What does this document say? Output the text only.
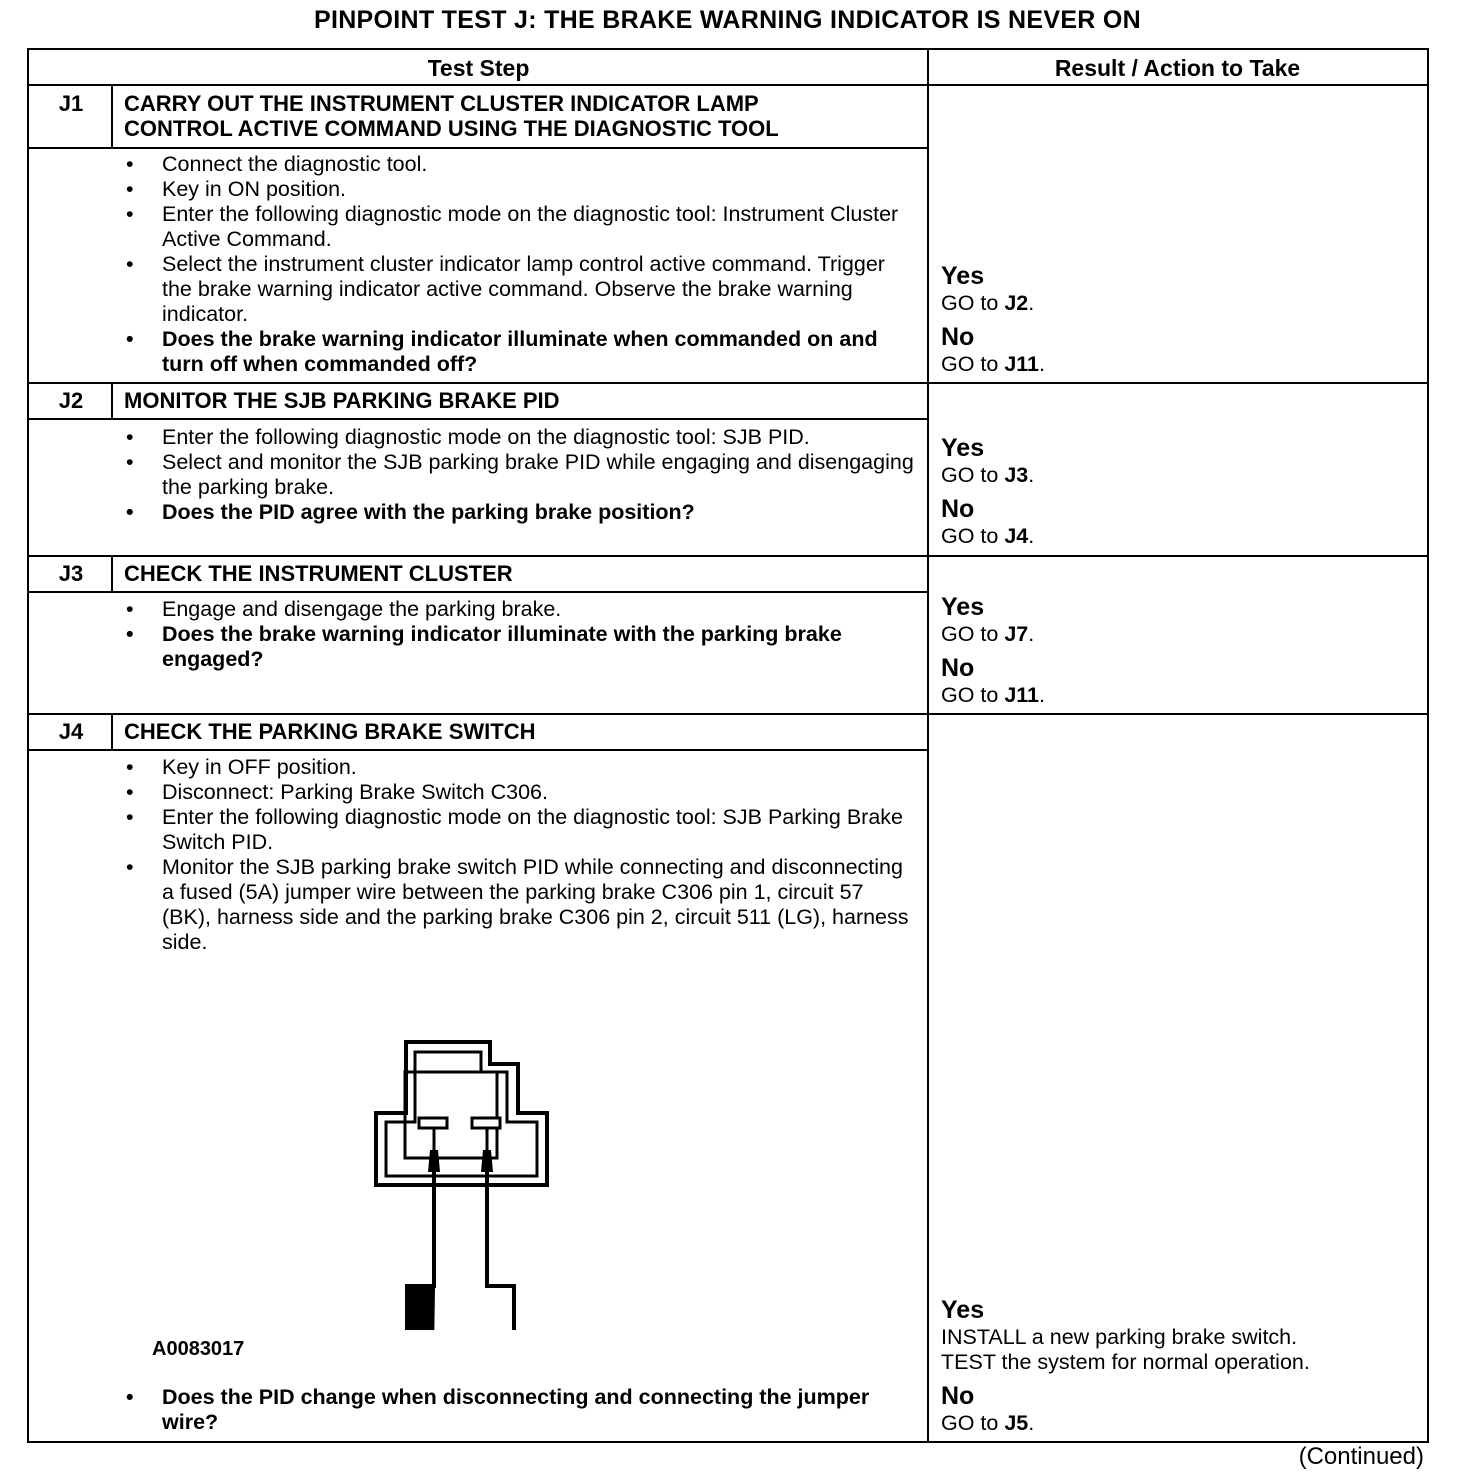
PINPOINT TEST J: THE BRAKE WARNING INDICATOR IS NEVER ON
Test Step	Result / Action to Take
J1	CARRY OUT THE INSTRUMENT CLUSTER INDICATOR LAMP
CONTROL ACTIVE COMMAND USING THE DIAGNOSTIC TOOL
• Connect the diagnostic tool.
• Key in ON position.
• Enter the following diagnostic mode on the diagnostic tool: Instrument Cluster Active Command.
• Select the instrument cluster indicator lamp control active command. Trigger the brake warning indicator active command. Observe the brake warning indicator.
• Does the brake warning indicator illuminate when commanded on and turn off when commanded off?
Yes
GO to J2.
No
GO to J11.
J2	MONITOR THE SJB PARKING BRAKE PID
• Enter the following diagnostic mode on the diagnostic tool: SJB PID.
• Select and monitor the SJB parking brake PID while engaging and disengaging the parking brake.
• Does the PID agree with the parking brake position?
Yes
GO to J3.
No
GO to J4.
J3	CHECK THE INSTRUMENT CLUSTER
• Engage and disengage the parking brake.
• Does the brake warning indicator illuminate with the parking brake engaged?
Yes
GO to J7.
No
GO to J11.
J4	CHECK THE PARKING BRAKE SWITCH
• Key in OFF position.
• Disconnect: Parking Brake Switch C306.
• Enter the following diagnostic mode on the diagnostic tool: SJB Parking Brake Switch PID.
• Monitor the SJB parking brake switch PID while connecting and disconnecting a fused (5A) jumper wire between the parking brake C306 pin 1, circuit 57 (BK), harness side and the parking brake C306 pin 2, circuit 511 (LG), harness side.
A0083017
• Does the PID change when disconnecting and connecting the jumper wire?
Yes
INSTALL a new parking brake switch.
TEST the system for normal operation.
No
GO to J5.
(Continued)
